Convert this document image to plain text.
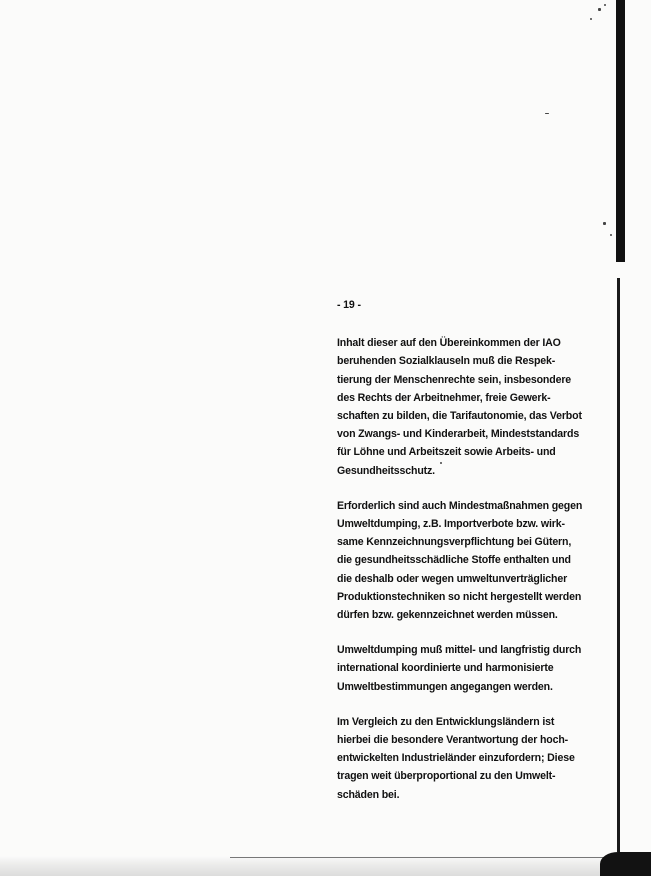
- 19 -
Inhalt dieser auf den Übereinkommen der IAO
beruhenden Sozialklauseln muß die Respek-
tierung der Menschenrechte sein, insbesondere
des Rechts der Arbeitnehmer, freie Gewerk-
schaften zu bilden, die Tarifautonomie, das Verbot
von Zwangs- und Kinderarbeit, Mindeststandards
für Löhne und Arbeitszeit sowie Arbeits- und
Gesundheitsschutz.
Erforderlich sind auch Mindestmaßnahmen gegen
Umweltdumping, z.B. Importverbote bzw. wirk-
same Kennzeichnungsverpflichtung bei Gütern,
die gesundheitsschädliche Stoffe enthalten und
die deshalb oder wegen umweltunverträglicher
Produktionstechniken so nicht hergestellt werden
dürfen bzw. gekennzeichnet werden müssen.
Umweltdumping muß mittel- und langfristig durch
international koordinierte und harmonisierte
Umweltbestimmungen angegangen werden.
Im Vergleich zu den Entwicklungsländern ist
hierbei die besondere Verantwortung der hoch-
entwickelten Industrieländer einzufordern; Diese
tragen weit überproportional zu den Umwelt-
schäden bei.
